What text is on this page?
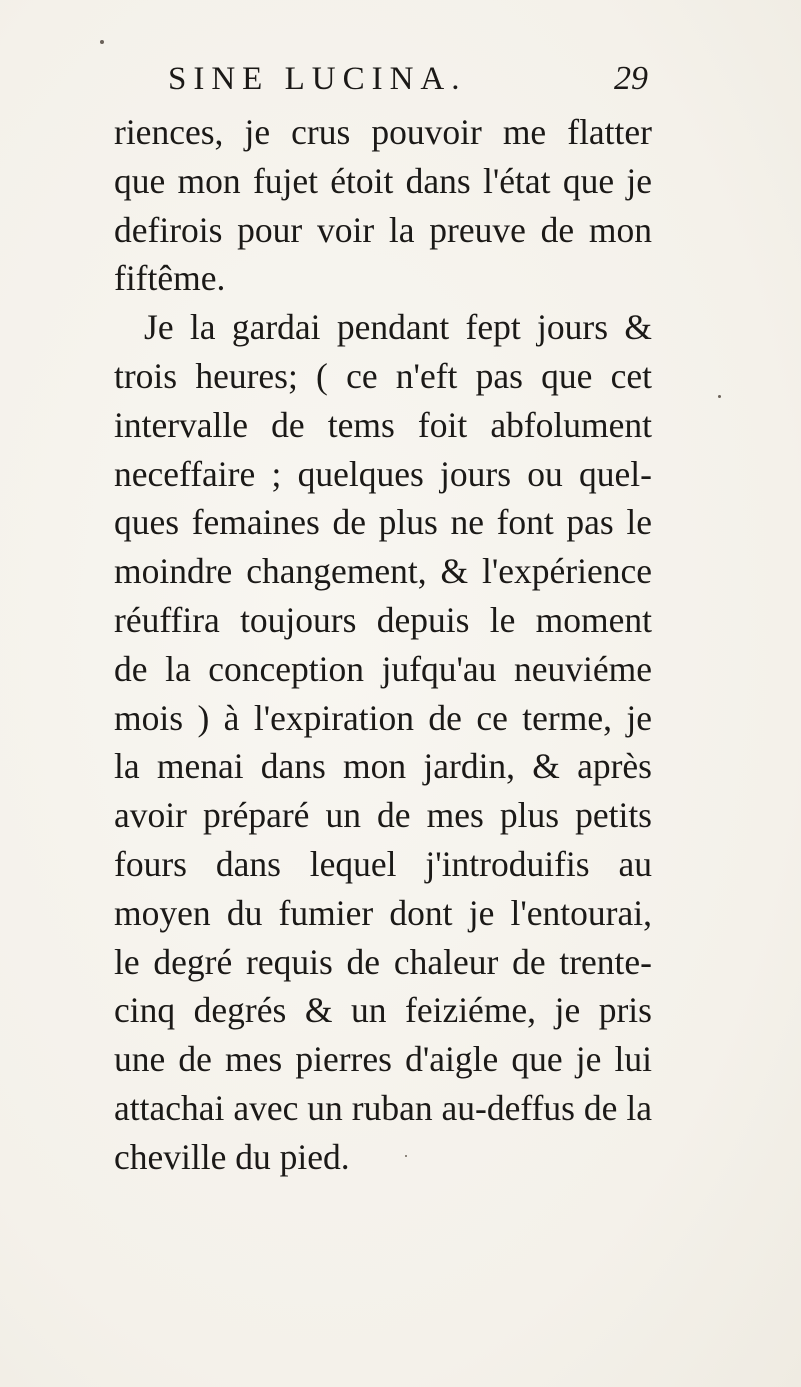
SINE LUCINA.	29
riences, je crus pouvoir me flatter
que mon fujet étoit dans l'état que je
defirois pour voir la preuve de mon
fiftême.
Je la gardai pendant fept jours &
trois heures; ( ce n'eft pas que cet
intervalle de tems foit abfolument
neceffaire ; quelques jours ou quel-
ques femaines de plus ne font pas le
moindre changement, & l'expérience
réuffira toujours depuis le moment
de la conception jufqu'au neuviéme
mois ) à l'expiration de ce terme, je
la menai dans mon jardin, & après
avoir préparé un de mes plus petits
fours dans lequel j'introduifis au
moyen du fumier dont je l'entourai,
le degré requis de chaleur de trente-
cinq degrés & un feiziéme, je pris
une de mes pierres d'aigle que je lui
attachai avec un ruban au-deffus de la
cheville du pied.
